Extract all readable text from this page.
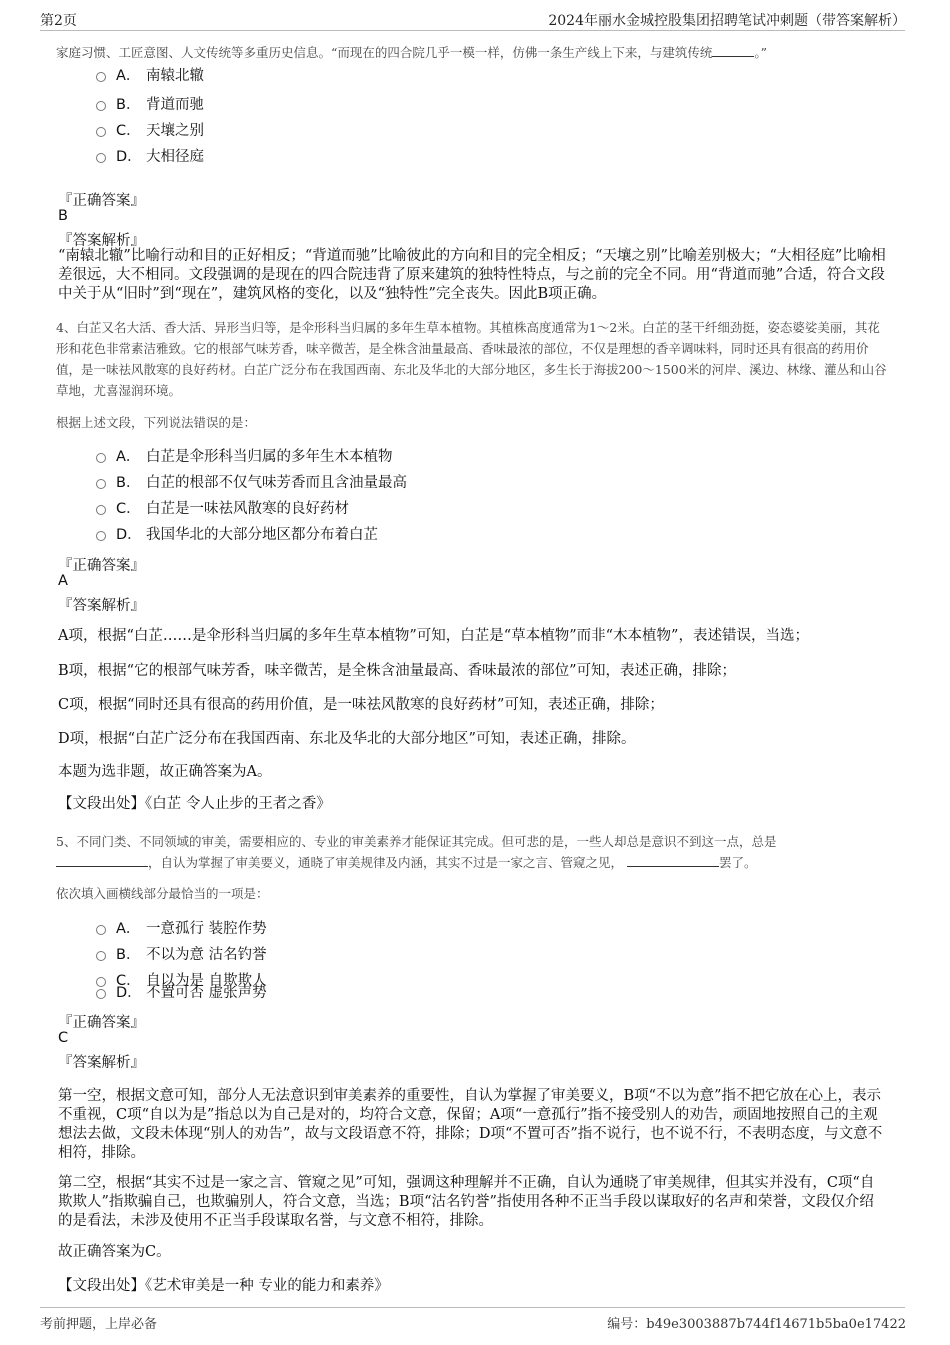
第2页	2024年丽水金城控股集团招聘笔试冲刺题（带答案解析）
家庭习惯、工匠意图、人文传统等多重历史信息。“而现在的四合院几乎一模一样，仿佛一条生产线上下来，与建筑传统	。”
A． 南辕北辙
B． 背道而驰
C． 天壤之别
D． 大相径庭
『正确答案』
B
『答案解析』
“南辕北辙”比喻行动和目的正好相反；“背道而驰”比喻彼此的方向和目的完全相反；“天壤之别”比喻差别极大；“大相径庭”比喻相差很远，大不相同。文段强调的是现在的四合院违背了原来建筑的独特性特点，与之前的完全不同。用“背道而驰”合适，符合文段中关于从“旧时”到“现在”，建筑风格的变化，以及“独特性”完全丧失。因此B项正确。
4、白芷又名大活、香大活、异形当归等，是伞形科当归属的多年生草本植物。其植株高度通常为1～2米。白芷的茎干纤细劲挺，姿态婆娑美丽，其花形和花色非常素洁雅致。它的根部气味芳香，味辛微苦，是全株含油量最高、香味最浓的部位，不仅是理想的香辛调味料，同时还具有很高的药用价值，是一味祛风散寒的良好药材。白芷广泛分布在我国西南、东北及华北的大部分地区，多生长于海拔200～1500米的河岸、溪边、林缘、灌丛和山谷草地，尤喜湿润环境。
根据上述文段，下列说法错误的是：
A． 白芷是伞形科当归属的多年生木本植物
B． 白芷的根部不仅气味芳香而且含油量最高
C． 白芷是一味祛风散寒的良好药材
D． 我国华北的大部分地区都分布着白芷
『正确答案』
A
『答案解析』
A项，根据“白芷……是伞形科当归属的多年生草本植物”可知，白芷是“草本植物”而非“木本植物”，表述错误，当选；
B项，根据“它的根部气味芳香，味辛微苦，是全株含油量最高、香味最浓的部位”可知，表述正确，排除；
C项，根据“同时还具有很高的药用价值，是一味祛风散寒的良好药材”可知，表述正确，排除；
D项，根据“白芷广泛分布在我国西南、东北及华北的大部分地区”可知，表述正确，排除。
本题为选非题，故正确答案为A。
【文段出处】《白芷 令人止步的王者之香》
5、不同门类、不同领域的审美，需要相应的、专业的审美素养才能保证其完成。但可悲的是，一些人却总是意识不到这一点，总是
，自认为掌握了审美要义，通晓了审美规律及内涵，其实不过是一家之言、管窥之见，	罢了。
依次填入画横线部分最恰当的一项是：
A． 一意孤行 装腔作势
B． 不以为意 沽名钓誉
C． 自以为是 自欺欺人
D． 不置可否 虚张声势
『正确答案』
C
『答案解析』
第一空，根据文意可知，部分人无法意识到审美素养的重要性，自认为掌握了审美要义，B项“不以为意”指不把它放在心上，表示不重视，C项“自以为是”指总以为自己是对的，均符合文意，保留；A项“一意孤行”指不接受别人的劝告，顽固地按照自己的主观想法去做，文段未体现“别人的劝告”，故与文段语意不符，排除；D项“不置可否”指不说行，也不说不行，不表明态度，与文意不相符，排除。
第二空，根据“其实不过是一家之言、管窥之见”可知，强调这种理解并不正确，自认为通晓了审美规律，但其实并没有，C项“自欺欺人”指欺骗自己，也欺骗别人，符合文意，当选；B项“沽名钓誉”指使用各种不正当手段以谋取好的名声和荣誉，文段仅介绍的是看法，未涉及使用不正当手段谋取名誉，与文意不相符，排除。
故正确答案为C。
【文段出处】《艺术审美是一种 专业的能力和素养》
考前押题，上岸必备	编号：b49e3003887b744f14671b5ba0e17422
